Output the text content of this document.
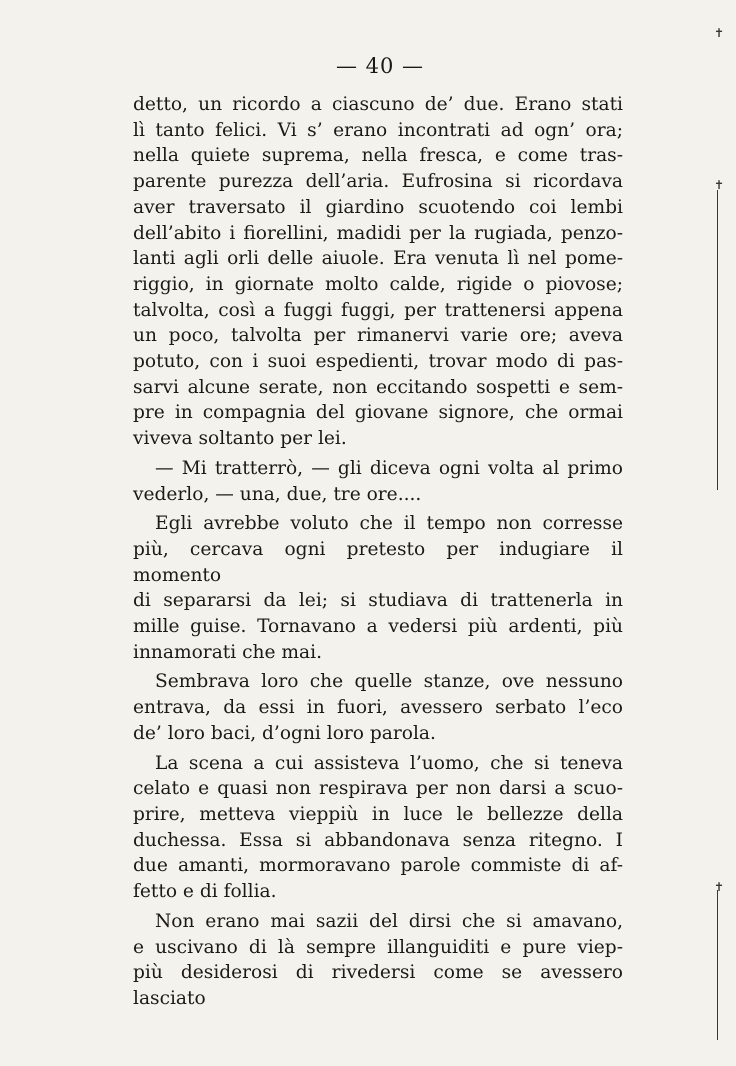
— 40 —
detto, un ricordo a ciascuno de’ due. Erano stati
lì tanto felici. Vi s’ erano incontrati ad ogn’ ora;
nella quiete suprema, nella fresca, e come tras-
parente purezza dell’aria. Eufrosina si ricordava
aver traversato il giardino scuotendo coi lembi
dell’abito i fiorellini, madidi per la rugiada, penzo-
lanti agli orli delle aiuole. Era venuta lì nel pome-
riggio, in giornate molto calde, rigide o piovose;
talvolta, così a fuggi fuggi, per trattenersi appena
un poco, talvolta per rimanervi varie ore; aveva
potuto, con i suoi espedienti, trovar modo di pas-
sarvi alcune serate, non eccitando sospetti e sem-
pre in compagnia del giovane signore, che ormai
viveva soltanto per lei.
— Mi tratterrò, — gli diceva ogni volta al primo
vederlo, — una, due, tre ore....
Egli avrebbe voluto che il tempo non corresse
più, cercava ogni pretesto per indugiare il momento
di separarsi da lei; si studiava di trattenerla in
mille guise. Tornavano a vedersi più ardenti, più
innamorati che mai.
Sembrava loro che quelle stanze, ove nessuno
entrava, da essi in fuori, avessero serbato l’eco
de’ loro baci, d’ogni loro parola.
La scena a cui assisteva l’uomo, che si teneva
celato e quasi non respirava per non darsi a scuo-
prire, metteva vieppiù in luce le bellezze della
duchessa. Essa si abbandonava senza ritegno. I
due amanti, mormoravano parole commiste di af-
fetto e di follia.
Non erano mai sazii del dirsi che si amavano,
e uscivano di là sempre illanguiditi e pure viep-
più desiderosi di rivedersi come se avessero lasciato
✝
✝
✝
